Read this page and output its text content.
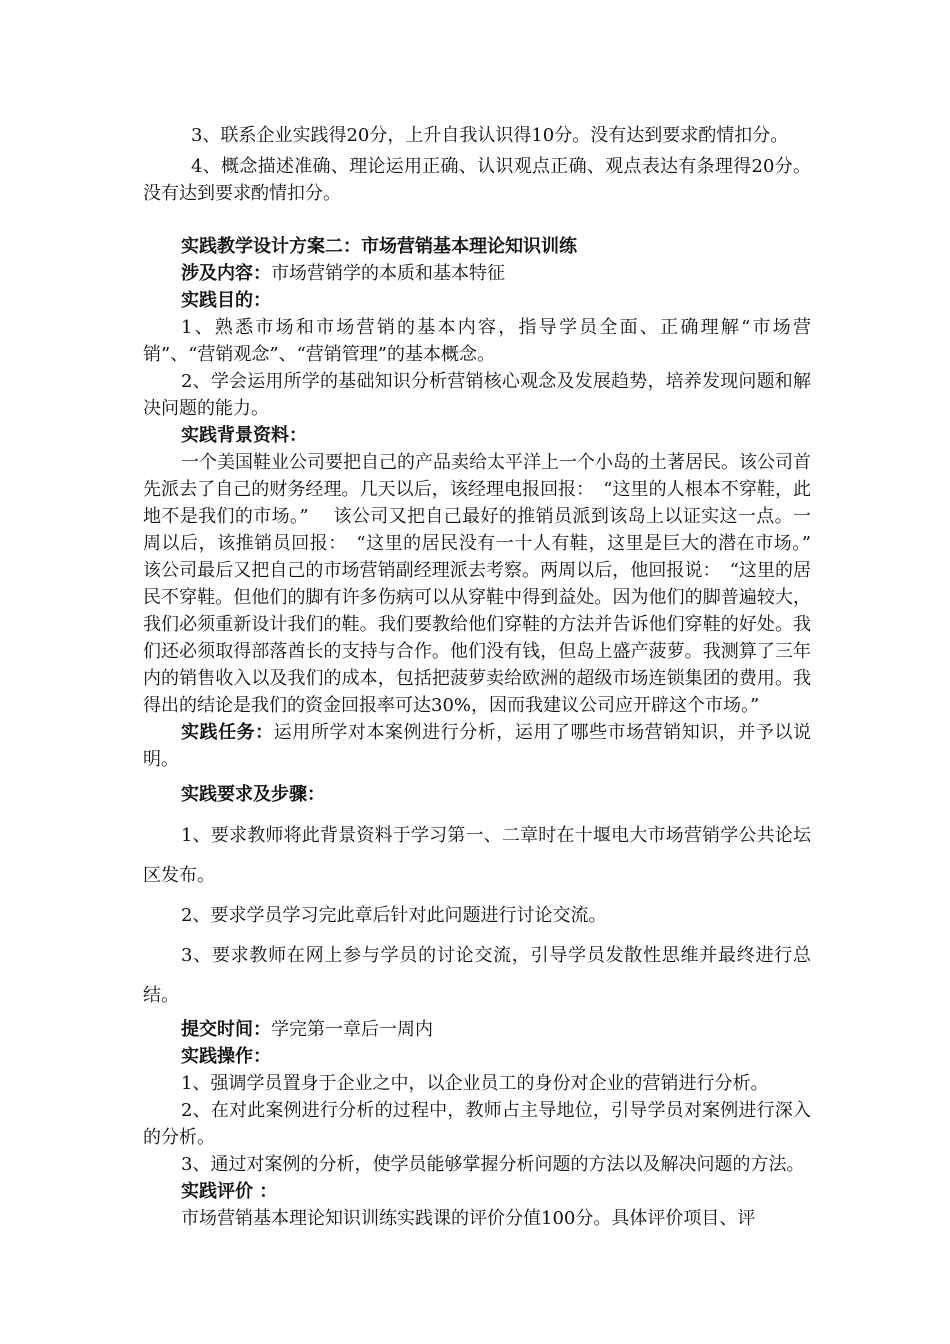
3、联系企业实践得20分，上升自我认识得10分。没有达到要求酌情扣分。

4、概念描述准确、理论运用正确、认识观点正确、观点表达有条理得20分。没有达到要求酌情扣分。

实践教学设计方案二：市场营销基本理论知识训练

涉及内容：市场营销学的本质和基本特征

实践目的：

1、熟悉市场和市场营销的基本内容，指导学员全面、正确理解“市场营销”、“营销观念”、“营销管理”的基本概念。

2、学会运用所学的基础知识分析营销核心观念及发展趋势，培养发现问题和解决问题的能力。

实践背景资料：

一个美国鞋业公司要把自己的产品卖给太平洋上一个小岛的土著居民。该公司首先派去了自己的财务经理。几天以后，该经理电报回报：　“这里的人根本不穿鞋，此地不是我们的市场。”　 该公司又把自己最好的推销员派到该岛上以证实这一点。一周以后，该推销员回报：　“这里的居民没有一十人有鞋，这里是巨大的潜在市场。”　 该公司最后又把自己的市场营销副经理派去考察。两周以后，他回报说：　“这里的居民不穿鞋。但他们的脚有许多伤病可以从穿鞋中得到益处。因为他们的脚普遍较大，我们必须重新设计我们的鞋。我们要教给他们穿鞋的方法并告诉他们穿鞋的好处。我们还必须取得部落酋长的支持与合作。他们没有钱，但岛上盛产菠萝。我测算了三年内的销售收入以及我们的成本，包括把菠萝卖给欧洲的超级市场连锁集团的费用。我得出的结论是我们的资金回报率可达30%，因而我建议公司应开辟这个市场。”

实践任务：运用所学对本案例进行分析，运用了哪些市场营销知识，并予以说明。

实践要求及步骤：

1、要求教师将此背景资料于学习第一、二章时在十堰电大市场营销学公共论坛区发布。

2、要求学员学习完此章后针对此问题进行讨论交流。

3、要求教师在网上参与学员的讨论交流，引导学员发散性思维并最终进行总结。

提交时间：学完第一章后一周内

实践操作：

1、强调学员置身于企业之中，以企业员工的身份对企业的营销进行分析。

2、在对此案例进行分析的过程中，教师占主导地位，引导学员对案例进行深入的分析。

3、通过对案例的分析，使学员能够掌握分析问题的方法以及解决问题的方法。

实践评价 ：

市场营销基本理论知识训练实践课的评价分值100分。具体评价项目、评
